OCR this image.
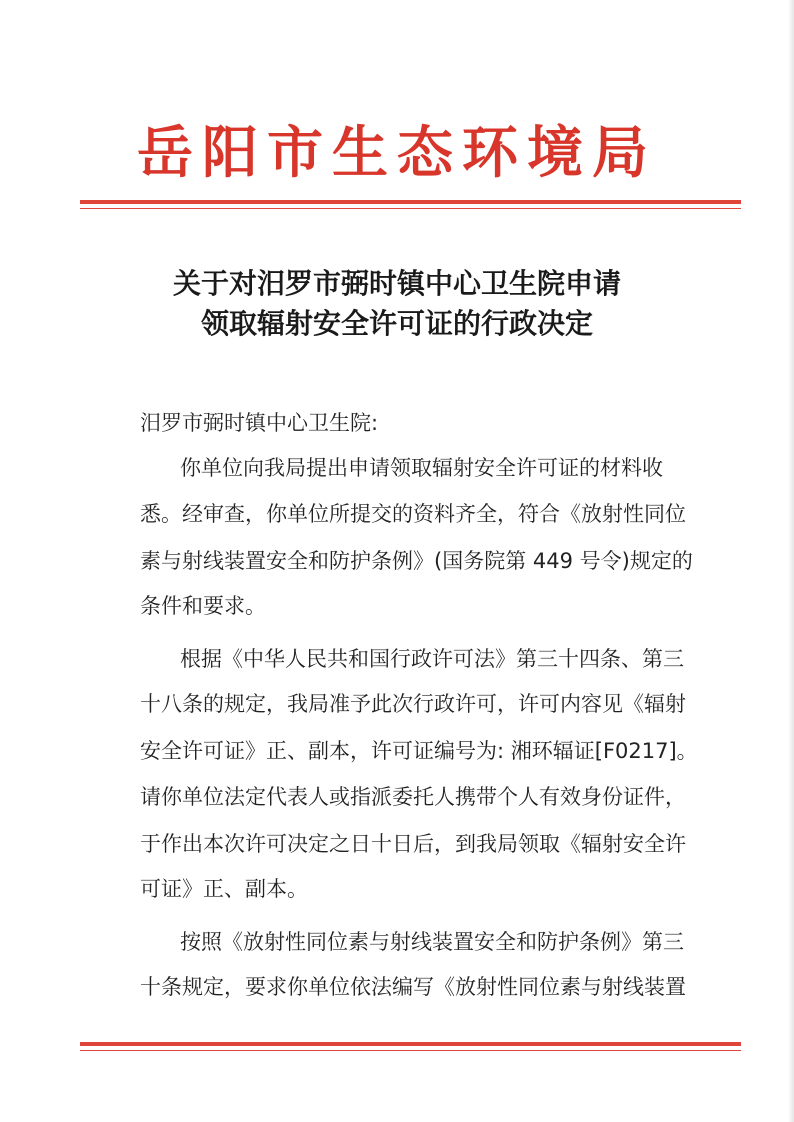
岳阳市生态环境局
关于对汨罗市弼时镇中心卫生院申请
领取辐射安全许可证的行政决定
汨罗市弼时镇中心卫生院:
你单位向我局提出申请领取辐射安全许可证的材料收
悉。经审查，你单位所提交的资料齐全，符合《放射性同位
素与射线装置安全和防护条例》(国务院第 449 号令)规定的
条件和要求。
根据《中华人民共和国行政许可法》第三十四条、第三
十八条的规定，我局准予此次行政许可，许可内容见《辐射
安全许可证》正、副本，许可证编号为: 湘环辐证[F0217]。
请你单位法定代表人或指派委托人携带个人有效身份证件，
于作出本次许可决定之日十日后，到我局领取《辐射安全许
可证》正、副本。
按照《放射性同位素与射线装置安全和防护条例》第三
十条规定，要求你单位依法编写《放射性同位素与射线装置
